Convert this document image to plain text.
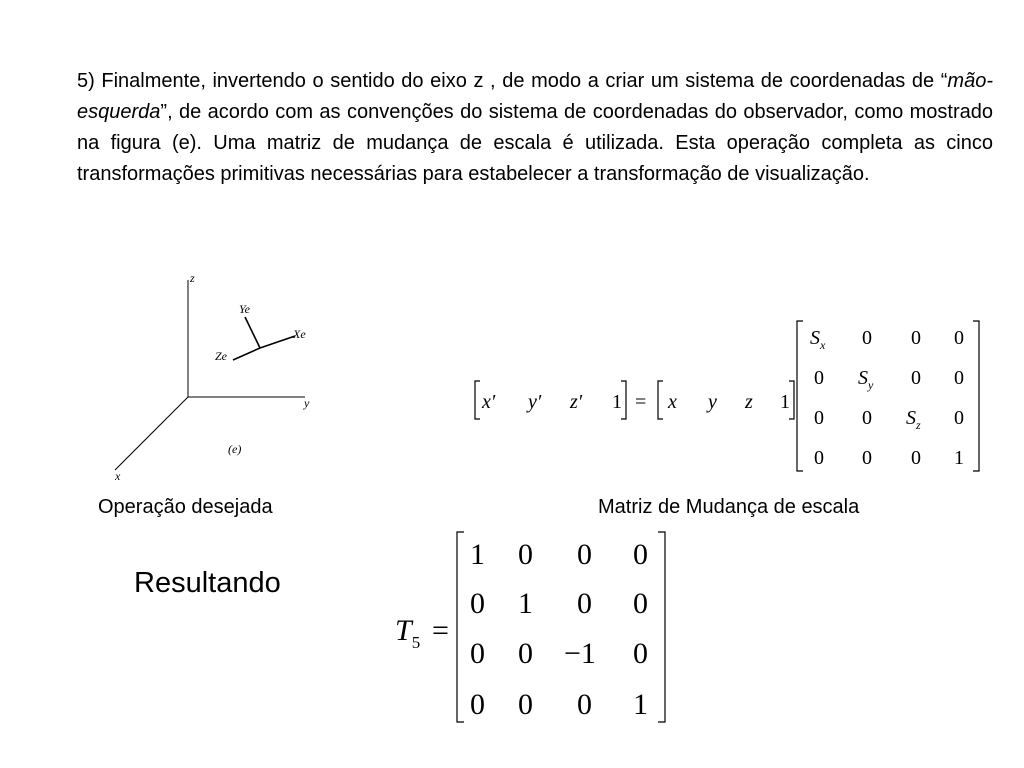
5) Finalmente, invertendo o sentido do eixo z , de modo a criar um sistema de coordenadas de “mão-esquerda”, de acordo com as convenções do sistema de coordenadas do observador, como mostrado na figura (e). Uma matriz de mudança de escala é utilizada. Esta operação completa as cinco transformações primitivas necessárias para estabelecer a transformação de visualização.
z
y
x
Ye
Xe
Ze
(e)
x′ y′ z′ 1 = x y z 1
$S_x$ 0 0 0
0 $S_y$ 0 0
0 0 $S_z$ 0
0 0 0 1
$T_5$ =
1 0 0 0
0 1 0 0
0 0 −1 0
0 0 0 1
Operação desejada	Matriz de Mudança de escala
Resultando
